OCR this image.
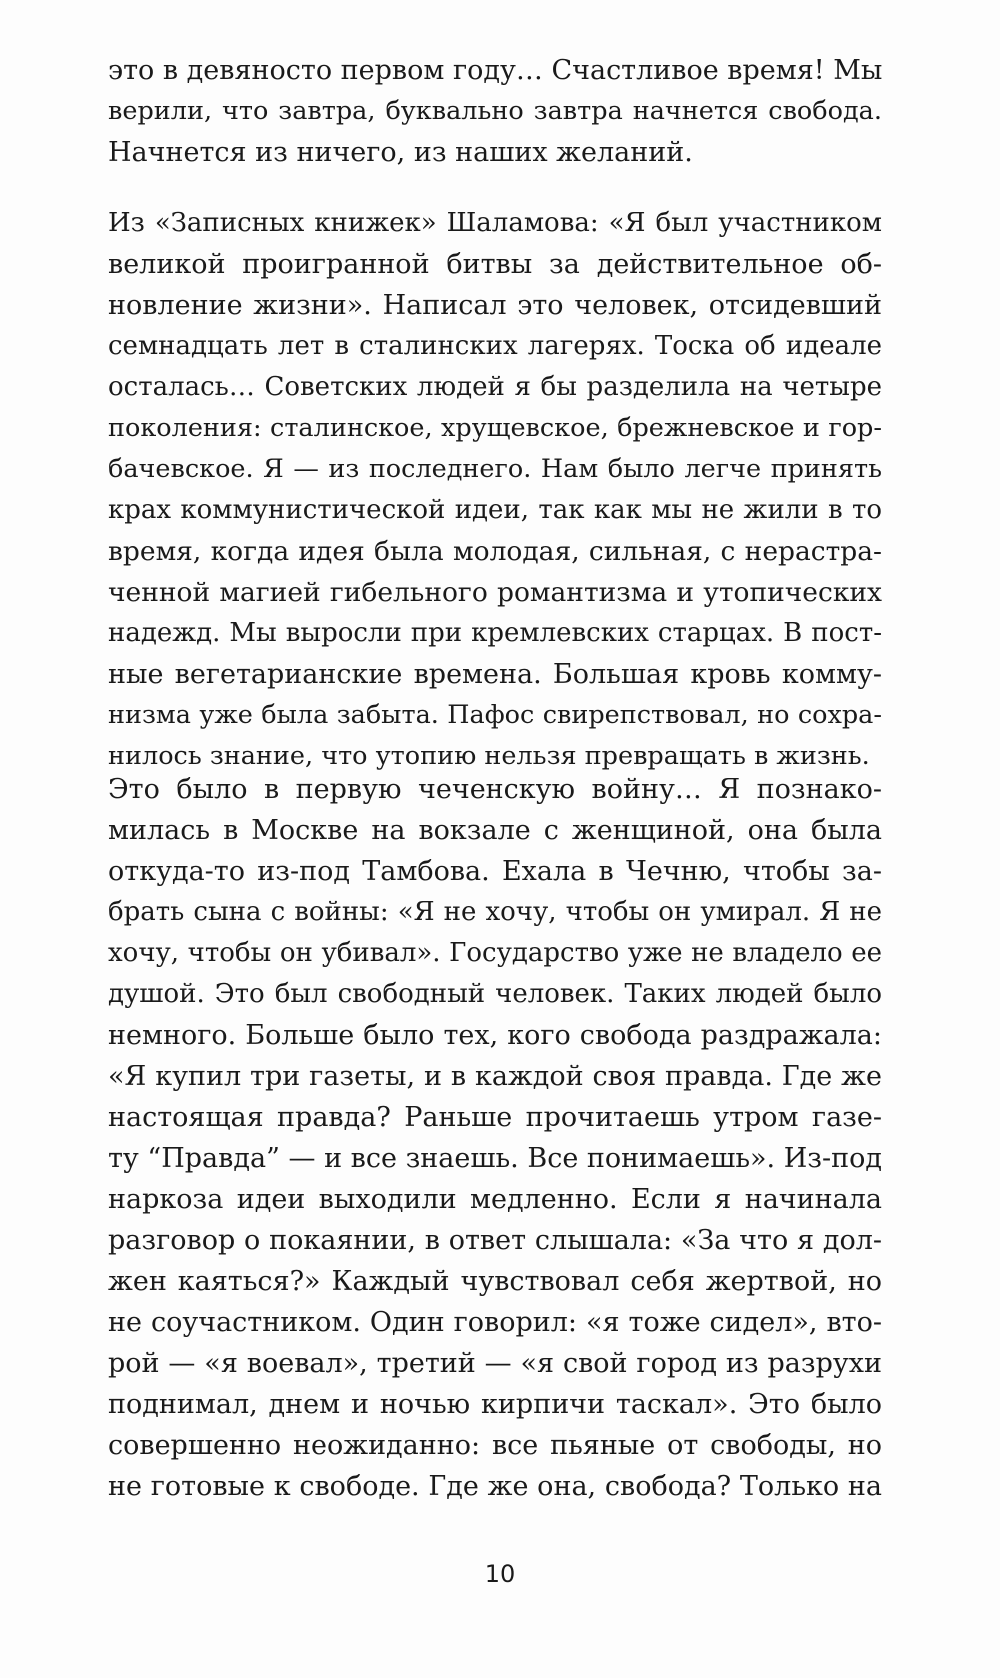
это в девяносто первом году… Счастливое время! Мы
верили, что завтра, буквально завтра начнется свобода.
Начнется из ничего, из наших желаний.
Из «Записных книжек» Шаламова: «Я был участником
великой проигранной битвы за действительное об-
новление жизни». Написал это человек, отсидевший
семнадцать лет в сталинских лагерях. Тоска об идеале
осталась… Советских людей я бы разделила на четыре
поколения: сталинское, хрущевское, брежневское и гор-
бачевское. Я — из последнего. Нам было легче принять
крах коммунистической идеи, так как мы не жили в то
время, когда идея была молодая, сильная, с нерастра-
ченной магией гибельного романтизма и утопических
надежд. Мы выросли при кремлевских старцах. В пост-
ные вегетарианские времена. Большая кровь комму-
низма уже была забыта. Пафос свирепствовал, но сохра-
нилось знание, что утопию нельзя превращать в жизнь.
Это было в первую чеченскую войну… Я познако-
милась в Москве на вокзале с женщиной, она была
откуда-то из-под Тамбова. Ехала в Чечню, чтобы за-
брать сына с войны: «Я не хочу, чтобы он умирал. Я не
хочу, чтобы он убивал». Государство уже не владело ее
душой. Это был свободный человек. Таких людей было
немного. Больше было тех, кого свобода раздражала:
«Я купил три газеты, и в каждой своя правда. Где же
настоящая правда? Раньше прочитаешь утром газе-
ту “Правда” — и все знаешь. Все понимаешь». Из-под
наркоза идеи выходили медленно. Если я начинала
разговор о покаянии, в ответ слышала: «За что я дол-
жен каяться?» Каждый чувствовал себя жертвой, но
не соучастником. Один говорил: «я тоже сидел», вто-
рой — «я воевал», третий — «я свой город из разрухи
поднимал, днем и ночью кирпичи таскал». Это было
совершенно неожиданно: все пьяные от свободы, но
не готовые к свободе. Где же она, свобода? Только на
10
